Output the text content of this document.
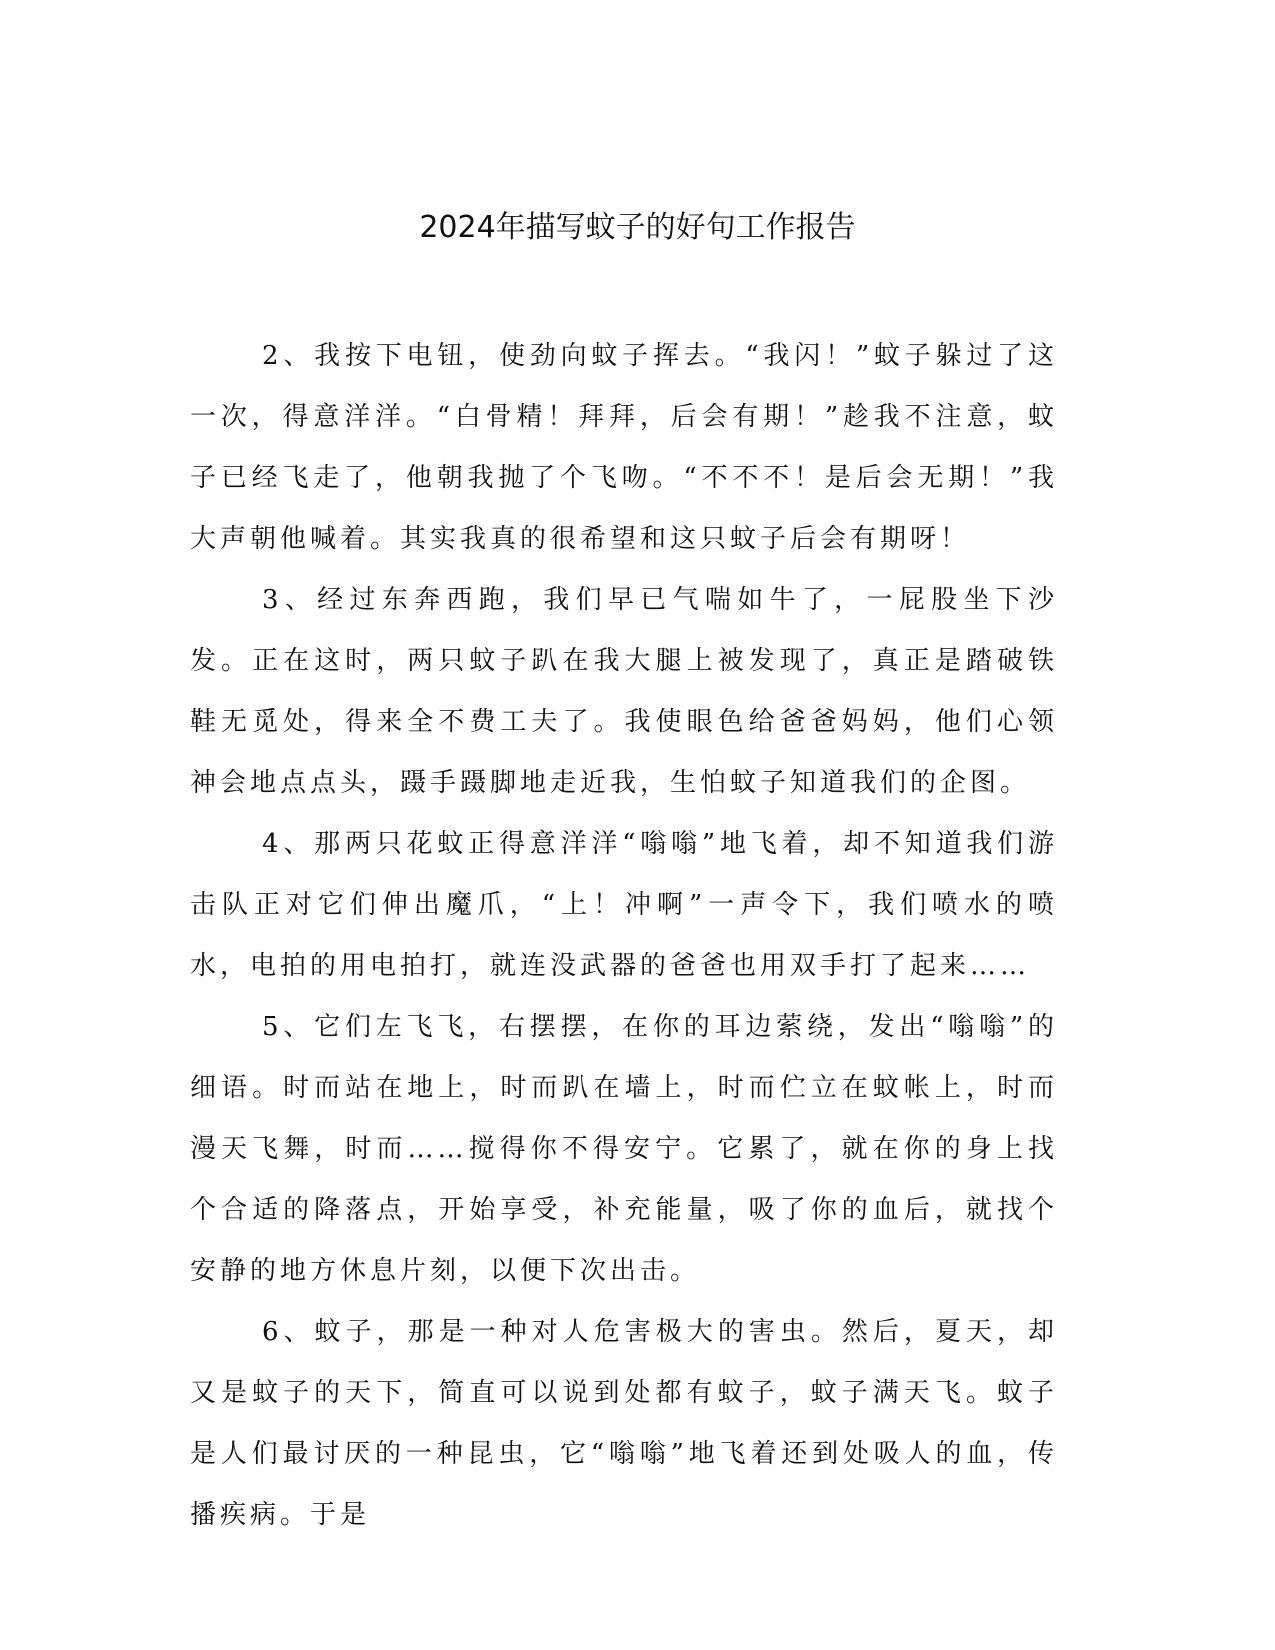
2024年描写蚊子的好句工作报告

2、我按下电钮，使劲向蚊子挥去。“我闪！”蚊子躲过了这一次，得意洋洋。“白骨精！拜拜，后会有期！”趁我不注意，蚊子已经飞走了，他朝我抛了个飞吻。“不不不！是后会无期！”我大声朝他喊着。其实我真的很希望和这只蚊子后会有期呀！

3、经过东奔西跑，我们早已气喘如牛了，一屁股坐下沙发。正在这时，两只蚊子趴在我大腿上被发现了，真正是踏破铁鞋无觅处，得来全不费工夫了。我使眼色给爸爸妈妈，他们心领神会地点点头，蹑手蹑脚地走近我，生怕蚊子知道我们的企图。

4、那两只花蚊正得意洋洋“嗡嗡”地飞着，却不知道我们游击队正对它们伸出魔爪，“上！冲啊”一声令下，我们喷水的喷水，电拍的用电拍打，就连没武器的爸爸也用双手打了起来……

5、它们左飞飞，右摆摆，在你的耳边萦绕，发出“嗡嗡”的细语。时而站在地上，时而趴在墙上，时而伫立在蚊帐上，时而漫天飞舞，时而……搅得你不得安宁。它累了，就在你的身上找个合适的降落点，开始享受，补充能量，吸了你的血后，就找个安静的地方休息片刻，以便下次出击。

6、蚊子，那是一种对人危害极大的害虫。然后，夏天，却又是蚊子的天下，简直可以说到处都有蚊子，蚊子满天飞。蚊子是人们最讨厌的一种昆虫，它“嗡嗡”地飞着还到处吸人的血，传播疾病。于是
